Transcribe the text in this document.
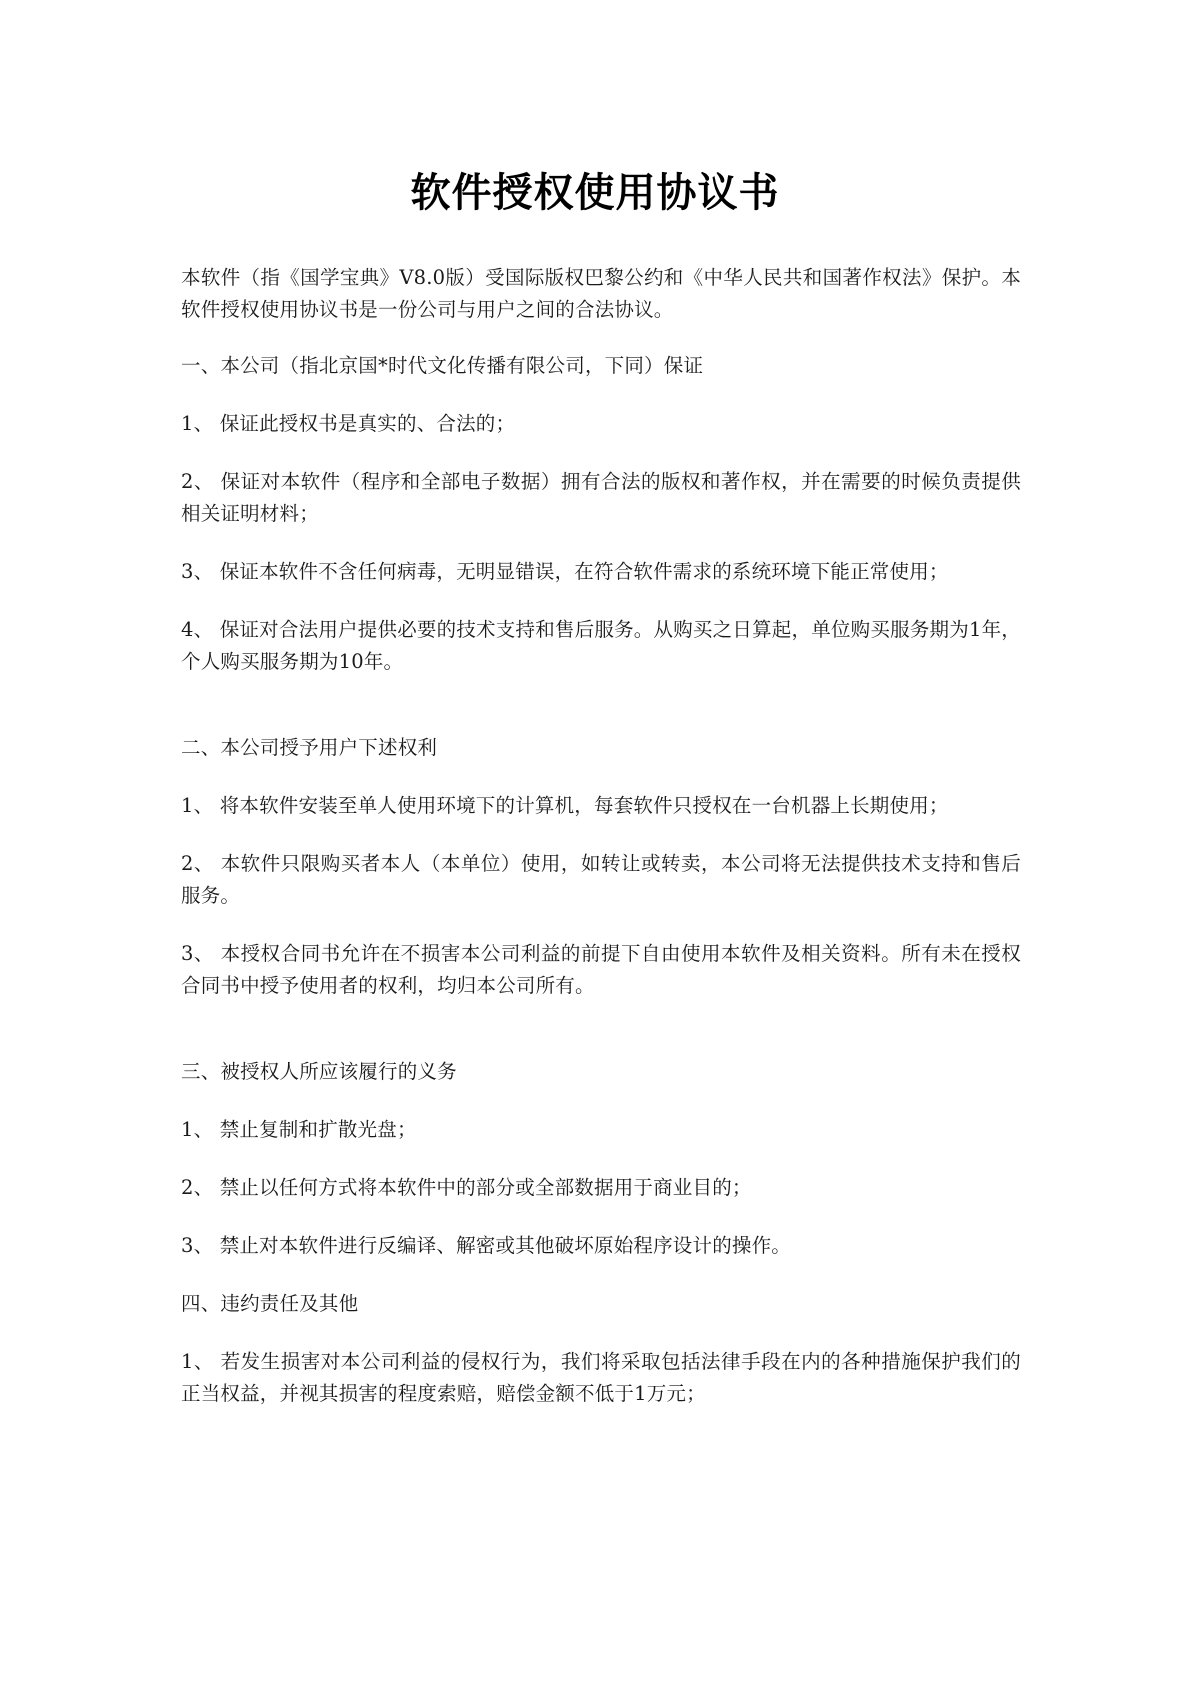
软件授权使用协议书
本软件（指《国学宝典》V8.0版）受国际版权巴黎公约和《中华人民共和国著作权法》保护。本软件授权使用协议书是一份公司与用户之间的合法协议。
一、本公司（指北京国*时代文化传播有限公司，下同）保证
1、 保证此授权书是真实的、合法的；
2、 保证对本软件（程序和全部电子数据）拥有合法的版权和著作权，并在需要的时候负责提供相关证明材料；
3、 保证本软件不含任何病毒，无明显错误，在符合软件需求的系统环境下能正常使用；
4、 保证对合法用户提供必要的技术支持和售后服务。从购买之日算起，单位购买服务期为1年，个人购买服务期为10年。
二、本公司授予用户下述权利
1、 将本软件安装至单人使用环境下的计算机，每套软件只授权在一台机器上长期使用；
2、 本软件只限购买者本人（本单位）使用，如转让或转卖，本公司将无法提供技术支持和售后服务。
3、 本授权合同书允许在不损害本公司利益的前提下自由使用本软件及相关资料。所有未在授权合同书中授予使用者的权利，均归本公司所有。
三、被授权人所应该履行的义务
1、 禁止复制和扩散光盘；
2、 禁止以任何方式将本软件中的部分或全部数据用于商业目的；
3、 禁止对本软件进行反编译、解密或其他破坏原始程序设计的操作。
四、违约责任及其他
1、 若发生损害对本公司利益的侵权行为，我们将采取包括法律手段在内的各种措施保护我们的正当权益，并视其损害的程度索赔，赔偿金额不低于1万元；
